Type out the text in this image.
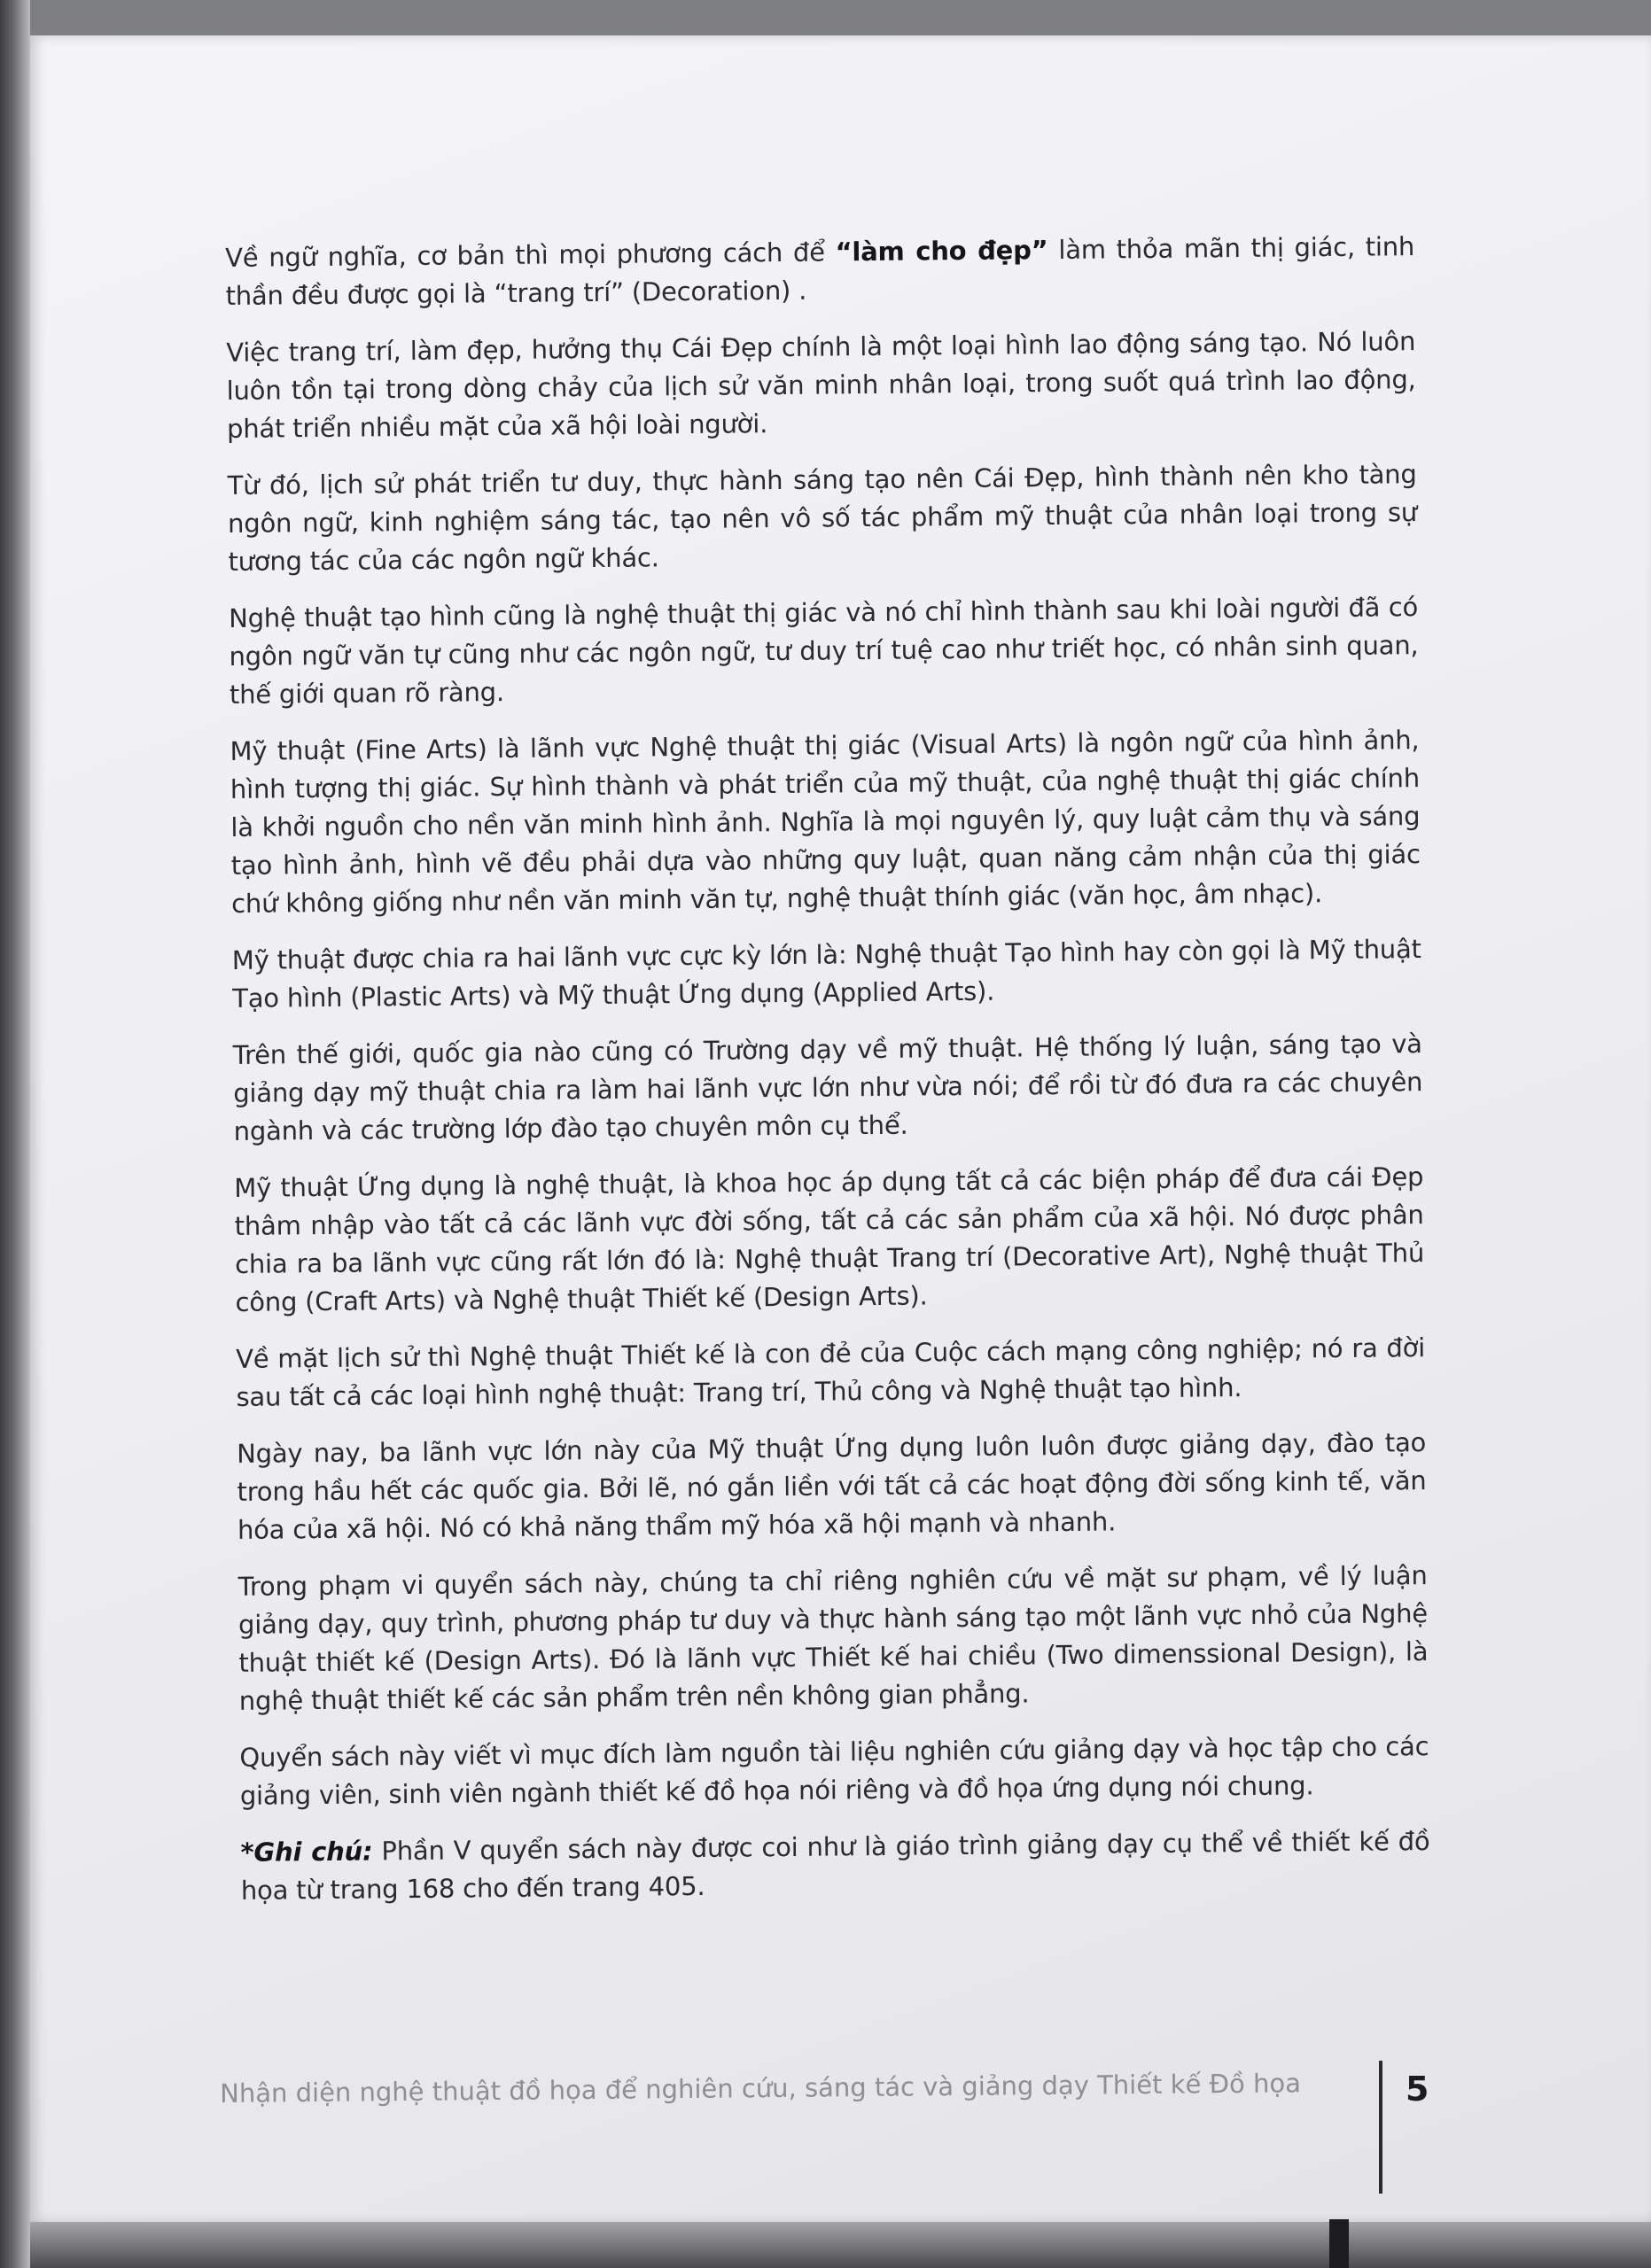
Về ngữ nghĩa, cơ bản thì mọi phương cách để “làm cho đẹp” làm thỏa mãn thị giác, tinh thần đều được gọi là “trang trí” (Decoration) .

Việc trang trí, làm đẹp, hưởng thụ Cái Đẹp chính là một loại hình lao động sáng tạo. Nó luôn luôn tồn tại trong dòng chảy của lịch sử văn minh nhân loại, trong suốt quá trình lao động, phát triển nhiều mặt của xã hội loài người.

Từ đó, lịch sử phát triển tư duy, thực hành sáng tạo nên Cái Đẹp, hình thành nên kho tàng ngôn ngữ, kinh nghiệm sáng tác, tạo nên vô số tác phẩm mỹ thuật của nhân loại trong sự tương tác của các ngôn ngữ khác.

Nghệ thuật tạo hình cũng là nghệ thuật thị giác và nó chỉ hình thành sau khi loài người đã có ngôn ngữ văn tự cũng như các ngôn ngữ, tư duy trí tuệ cao như triết học, có nhân sinh quan, thế giới quan rõ ràng.

Mỹ thuật (Fine Arts) là lãnh vực Nghệ thuật thị giác (Visual Arts) là ngôn ngữ của hình ảnh, hình tượng thị giác. Sự hình thành và phát triển của mỹ thuật, của nghệ thuật thị giác chính là khởi nguồn cho nền văn minh hình ảnh. Nghĩa là mọi nguyên lý, quy luật cảm thụ và sáng tạo hình ảnh, hình vẽ đều phải dựa vào những quy luật, quan năng cảm nhận của thị giác chứ không giống như nền văn minh văn tự, nghệ thuật thính giác (văn học, âm nhạc).

Mỹ thuật được chia ra hai lãnh vực cực kỳ lớn là: Nghệ thuật Tạo hình hay còn gọi là Mỹ thuật Tạo hình (Plastic Arts) và Mỹ thuật Ứng dụng (Applied Arts).

Trên thế giới, quốc gia nào cũng có Trường dạy về mỹ thuật. Hệ thống lý luận, sáng tạo và giảng dạy mỹ thuật chia ra làm hai lãnh vực lớn như vừa nói; để rồi từ đó đưa ra các chuyên ngành và các trường lớp đào tạo chuyên môn cụ thể.

Mỹ thuật Ứng dụng là nghệ thuật, là khoa học áp dụng tất cả các biện pháp để đưa cái Đẹp thâm nhập vào tất cả các lãnh vực đời sống, tất cả các sản phẩm của xã hội. Nó được phân chia ra ba lãnh vực cũng rất lớn đó là: Nghệ thuật Trang trí (Decorative Art), Nghệ thuật Thủ công (Craft Arts) và Nghệ thuật Thiết kế (Design Arts).

Về mặt lịch sử thì Nghệ thuật Thiết kế là con đẻ của Cuộc cách mạng công nghiệp; nó ra đời sau tất cả các loại hình nghệ thuật: Trang trí, Thủ công và Nghệ thuật tạo hình.

Ngày nay, ba lãnh vực lớn này của Mỹ thuật Ứng dụng luôn luôn được giảng dạy, đào tạo trong hầu hết các quốc gia. Bởi lẽ, nó gắn liền với tất cả các hoạt động đời sống kinh tế, văn hóa của xã hội. Nó có khả năng thẩm mỹ hóa xã hội mạnh và nhanh.

Trong phạm vi quyển sách này, chúng ta chỉ riêng nghiên cứu về mặt sư phạm, về lý luận giảng dạy, quy trình, phương pháp tư duy và thực hành sáng tạo một lãnh vực nhỏ của Nghệ thuật thiết kế (Design Arts). Đó là lãnh vực Thiết kế hai chiều (Two dimenssional Design), là nghệ thuật thiết kế các sản phẩm trên nền không gian phẳng.

Quyển sách này viết vì mục đích làm nguồn tài liệu nghiên cứu giảng dạy và học tập cho các giảng viên, sinh viên ngành thiết kế đồ họa nói riêng và đồ họa ứng dụng nói chung.

*Ghi chú: Phần V quyển sách này được coi như là giáo trình giảng dạy cụ thể về thiết kế đồ họa từ trang 168 cho đến trang 405.

Nhận diện nghệ thuật đồ họa để nghiên cứu, sáng tác và giảng dạy Thiết kế Đồ họa	5
